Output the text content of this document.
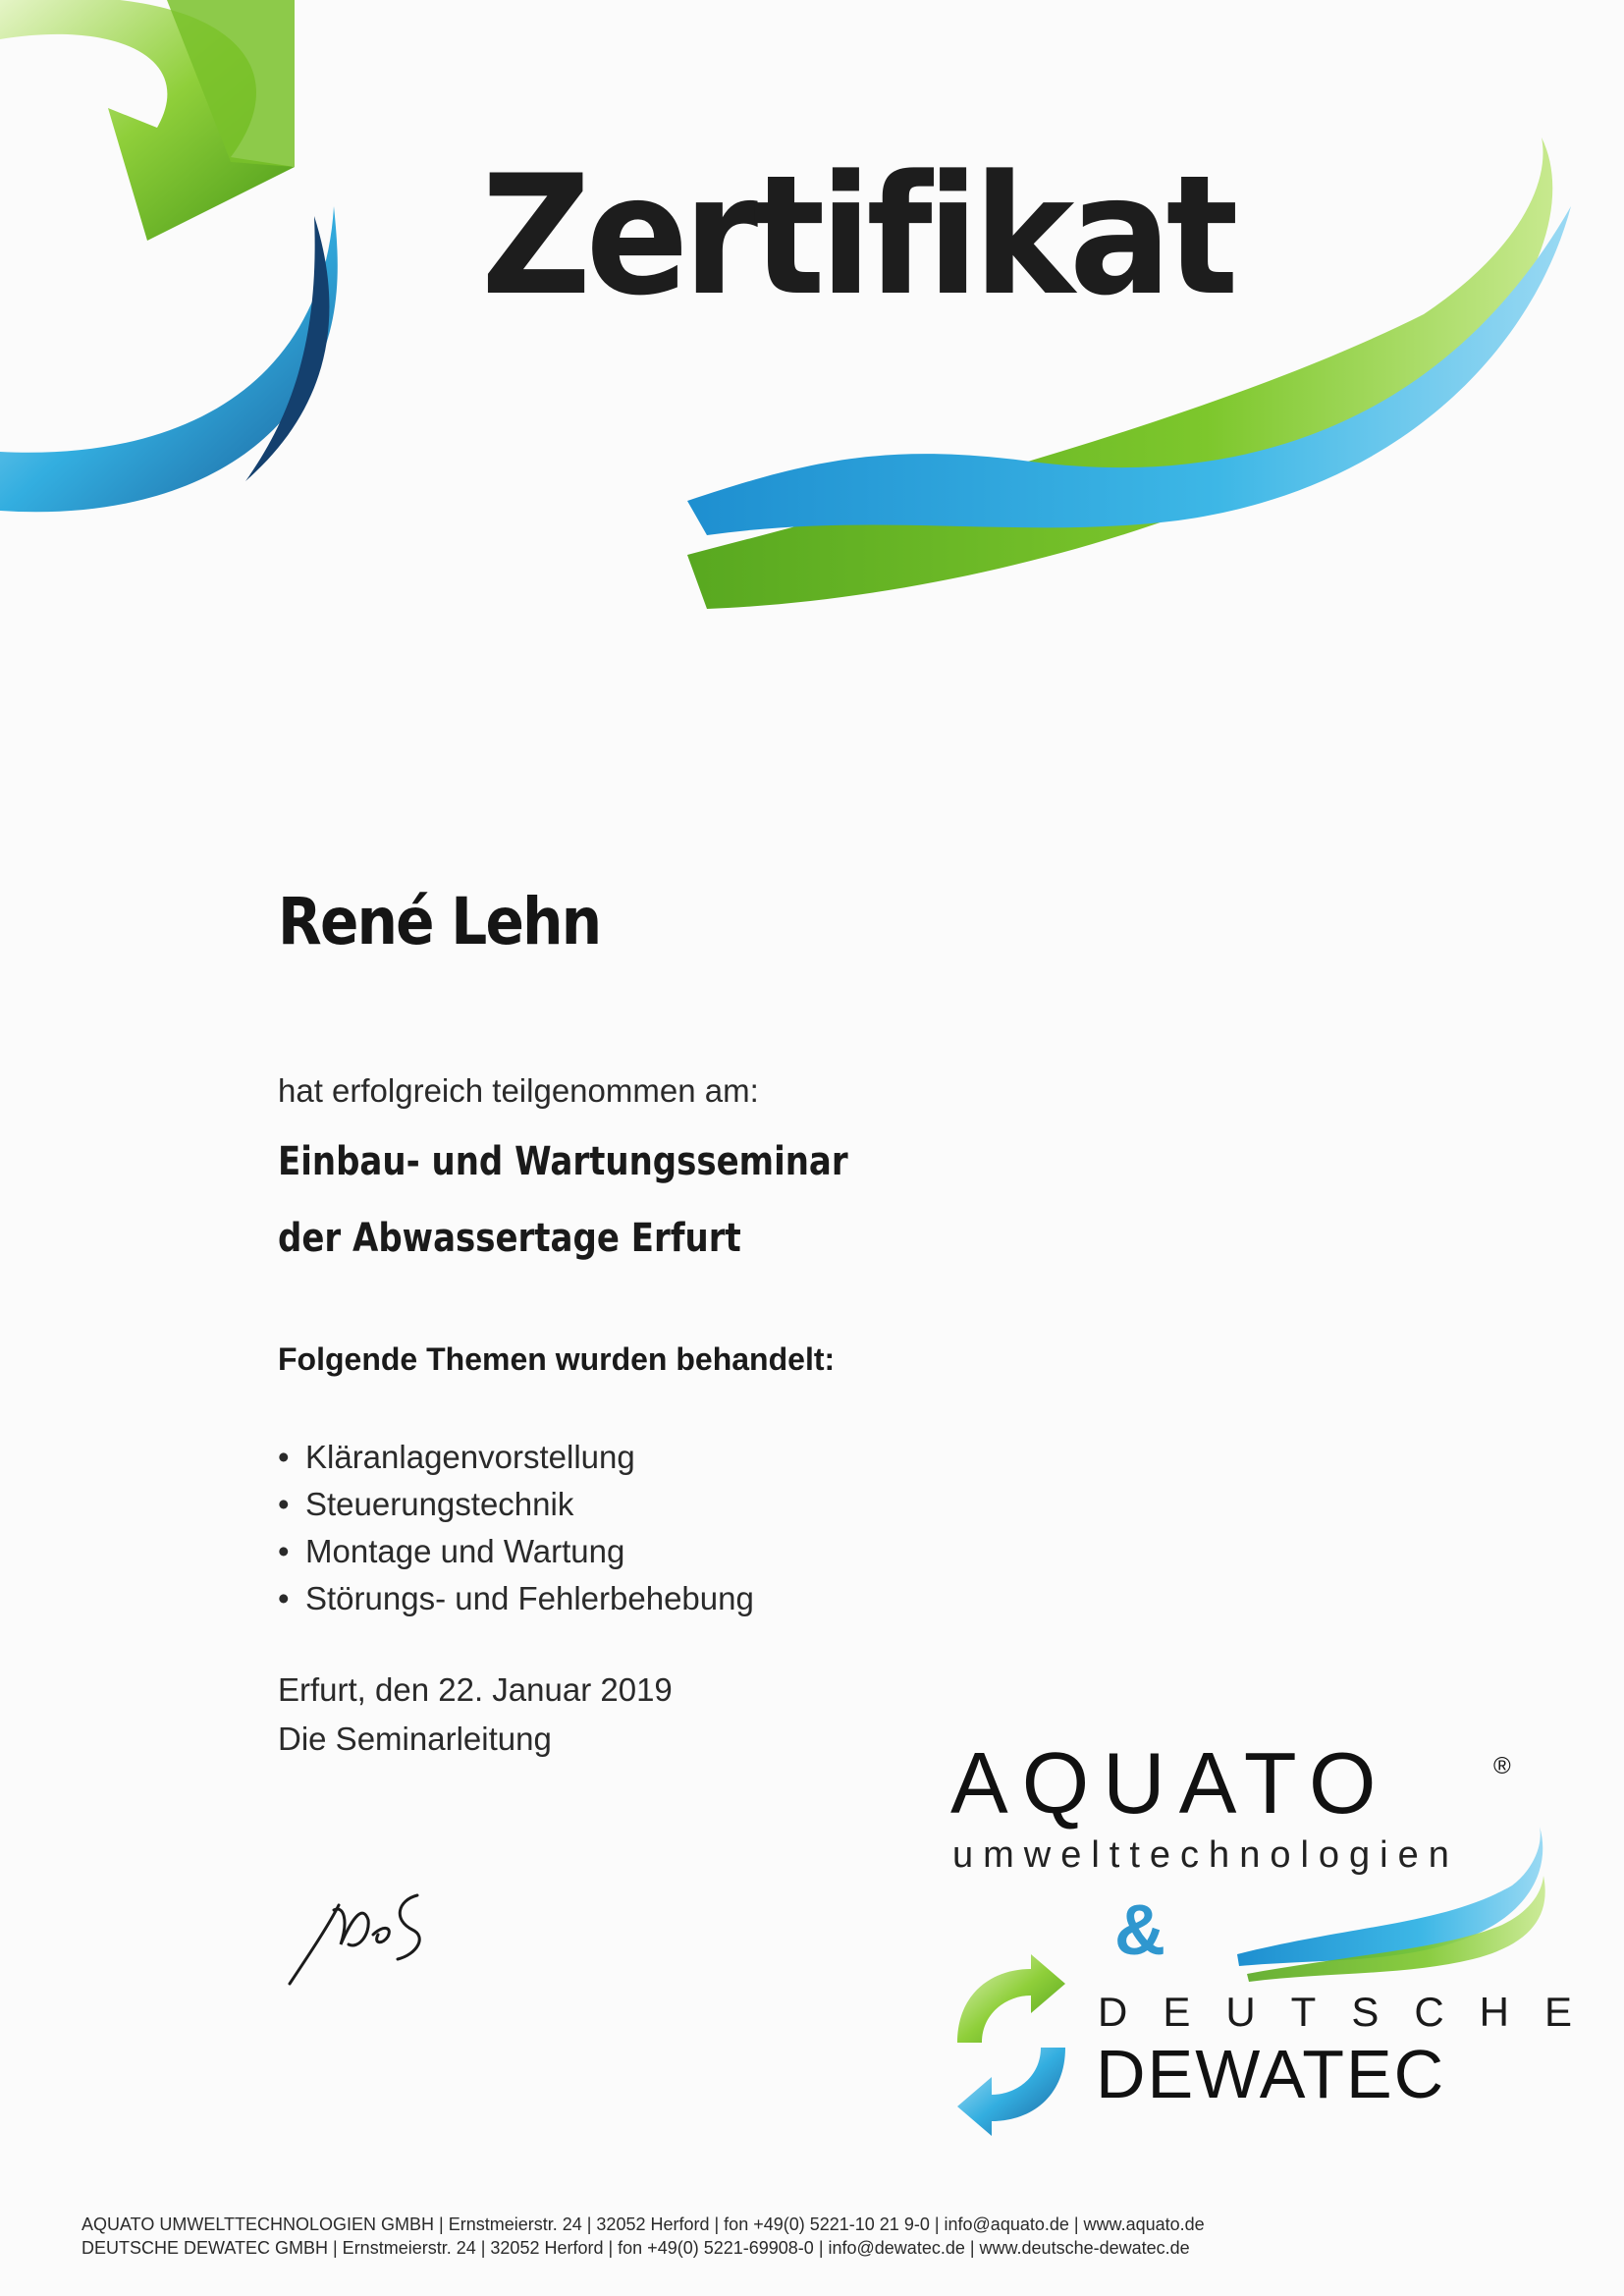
Zertifikat
René Lehn

hat erfolgreich teilgenommen am:

Einbau- und Wartungsseminar

der Abwassertage Erfurt

Folgende Themen wurden behandelt:

• Kläranlagenvorstellung
• Steuerungstechnik
• Montage und Wartung
• Störungs- und Fehlerbehebung

Erfurt, den 22. Januar 2019

Die Seminarleitung	AQUATO	®
umwelttechnologien
&
DEUTSCHE
DEWATEC
AQUATO UMWELTTECHNOLOGIEN GMBH | Ernstmeierstr. 24 | 32052 Herford | fon +49(0) 5221-10 21 9-0 | info@aquato.de | www.aquato.de
DEUTSCHE DEWATEC GMBH | Ernstmeierstr. 24 | 32052 Herford | fon +49(0) 5221-69908-0 | info@dewatec.de | www.deutsche-dewatec.de
